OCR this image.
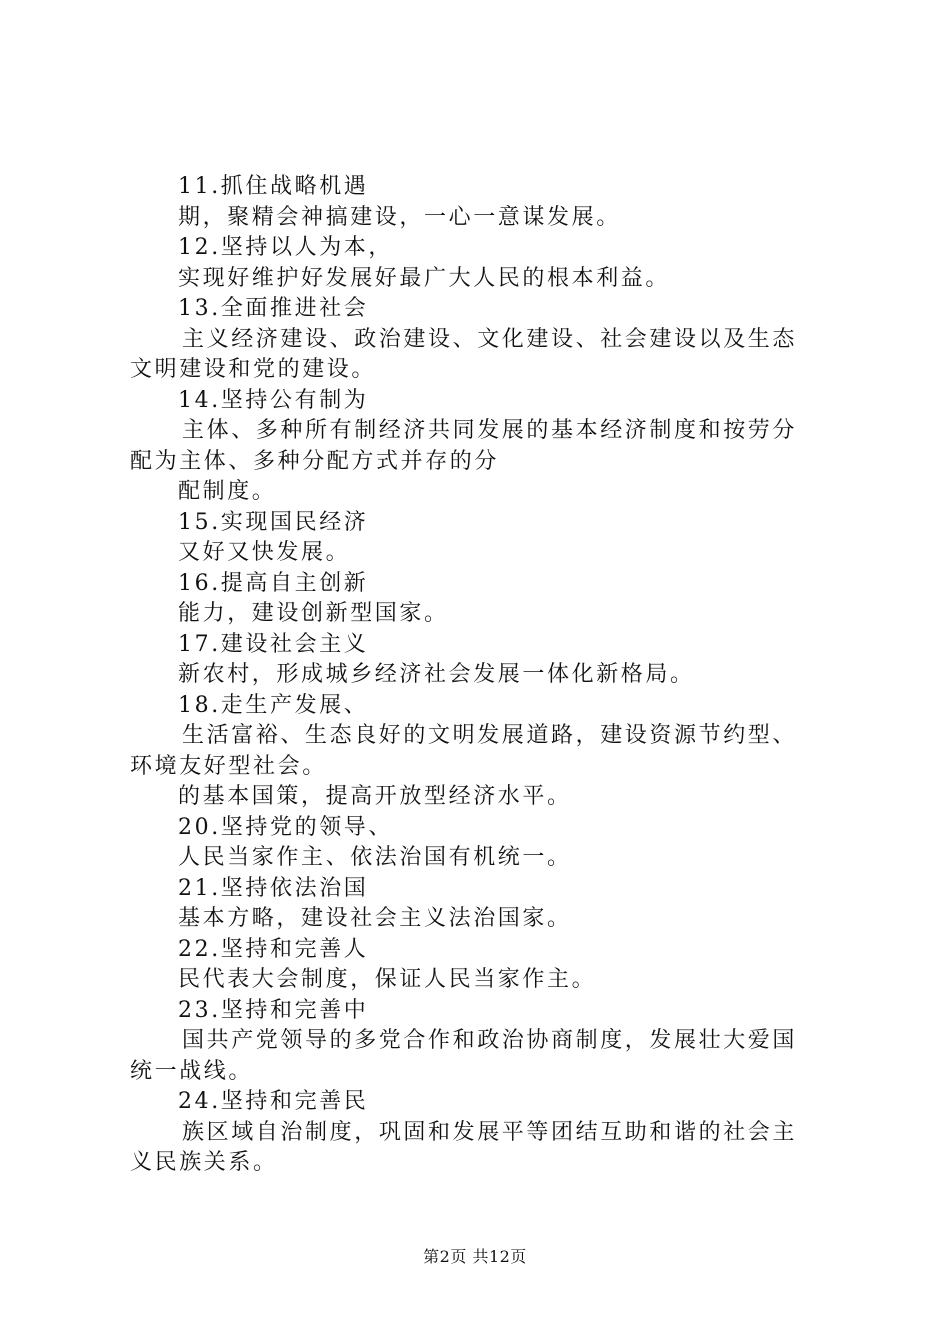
11.抓住战略机遇
期，聚精会神搞建设，一心一意谋发展。
12.坚持以人为本，
实现好维护好发展好最广大人民的根本利益。
13.全面推进社会
主义经济建设、政治建设、文化建设、社会建设以及生态
文明建设和党的建设。
14.坚持公有制为
主体、多种所有制经济共同发展的基本经济制度和按劳分
配为主体、多种分配方式并存的分
配制度。
15.实现国民经济
又好又快发展。
16.提高自主创新
能力，建设创新型国家。
17.建设社会主义
新农村，形成城乡经济社会发展一体化新格局。
18.走生产发展、
生活富裕、生态良好的文明发展道路，建设资源节约型、
环境友好型社会。
的基本国策，提高开放型经济水平。
20.坚持党的领导、
人民当家作主、依法治国有机统一。
21.坚持依法治国
基本方略，建设社会主义法治国家。
22.坚持和完善人
民代表大会制度，保证人民当家作主。
23.坚持和完善中
国共产党领导的多党合作和政治协商制度，发展壮大爱国
统一战线。
24.坚持和完善民
族区域自治制度，巩固和发展平等团结互助和谐的社会主
义民族关系。
第2页 共12页
